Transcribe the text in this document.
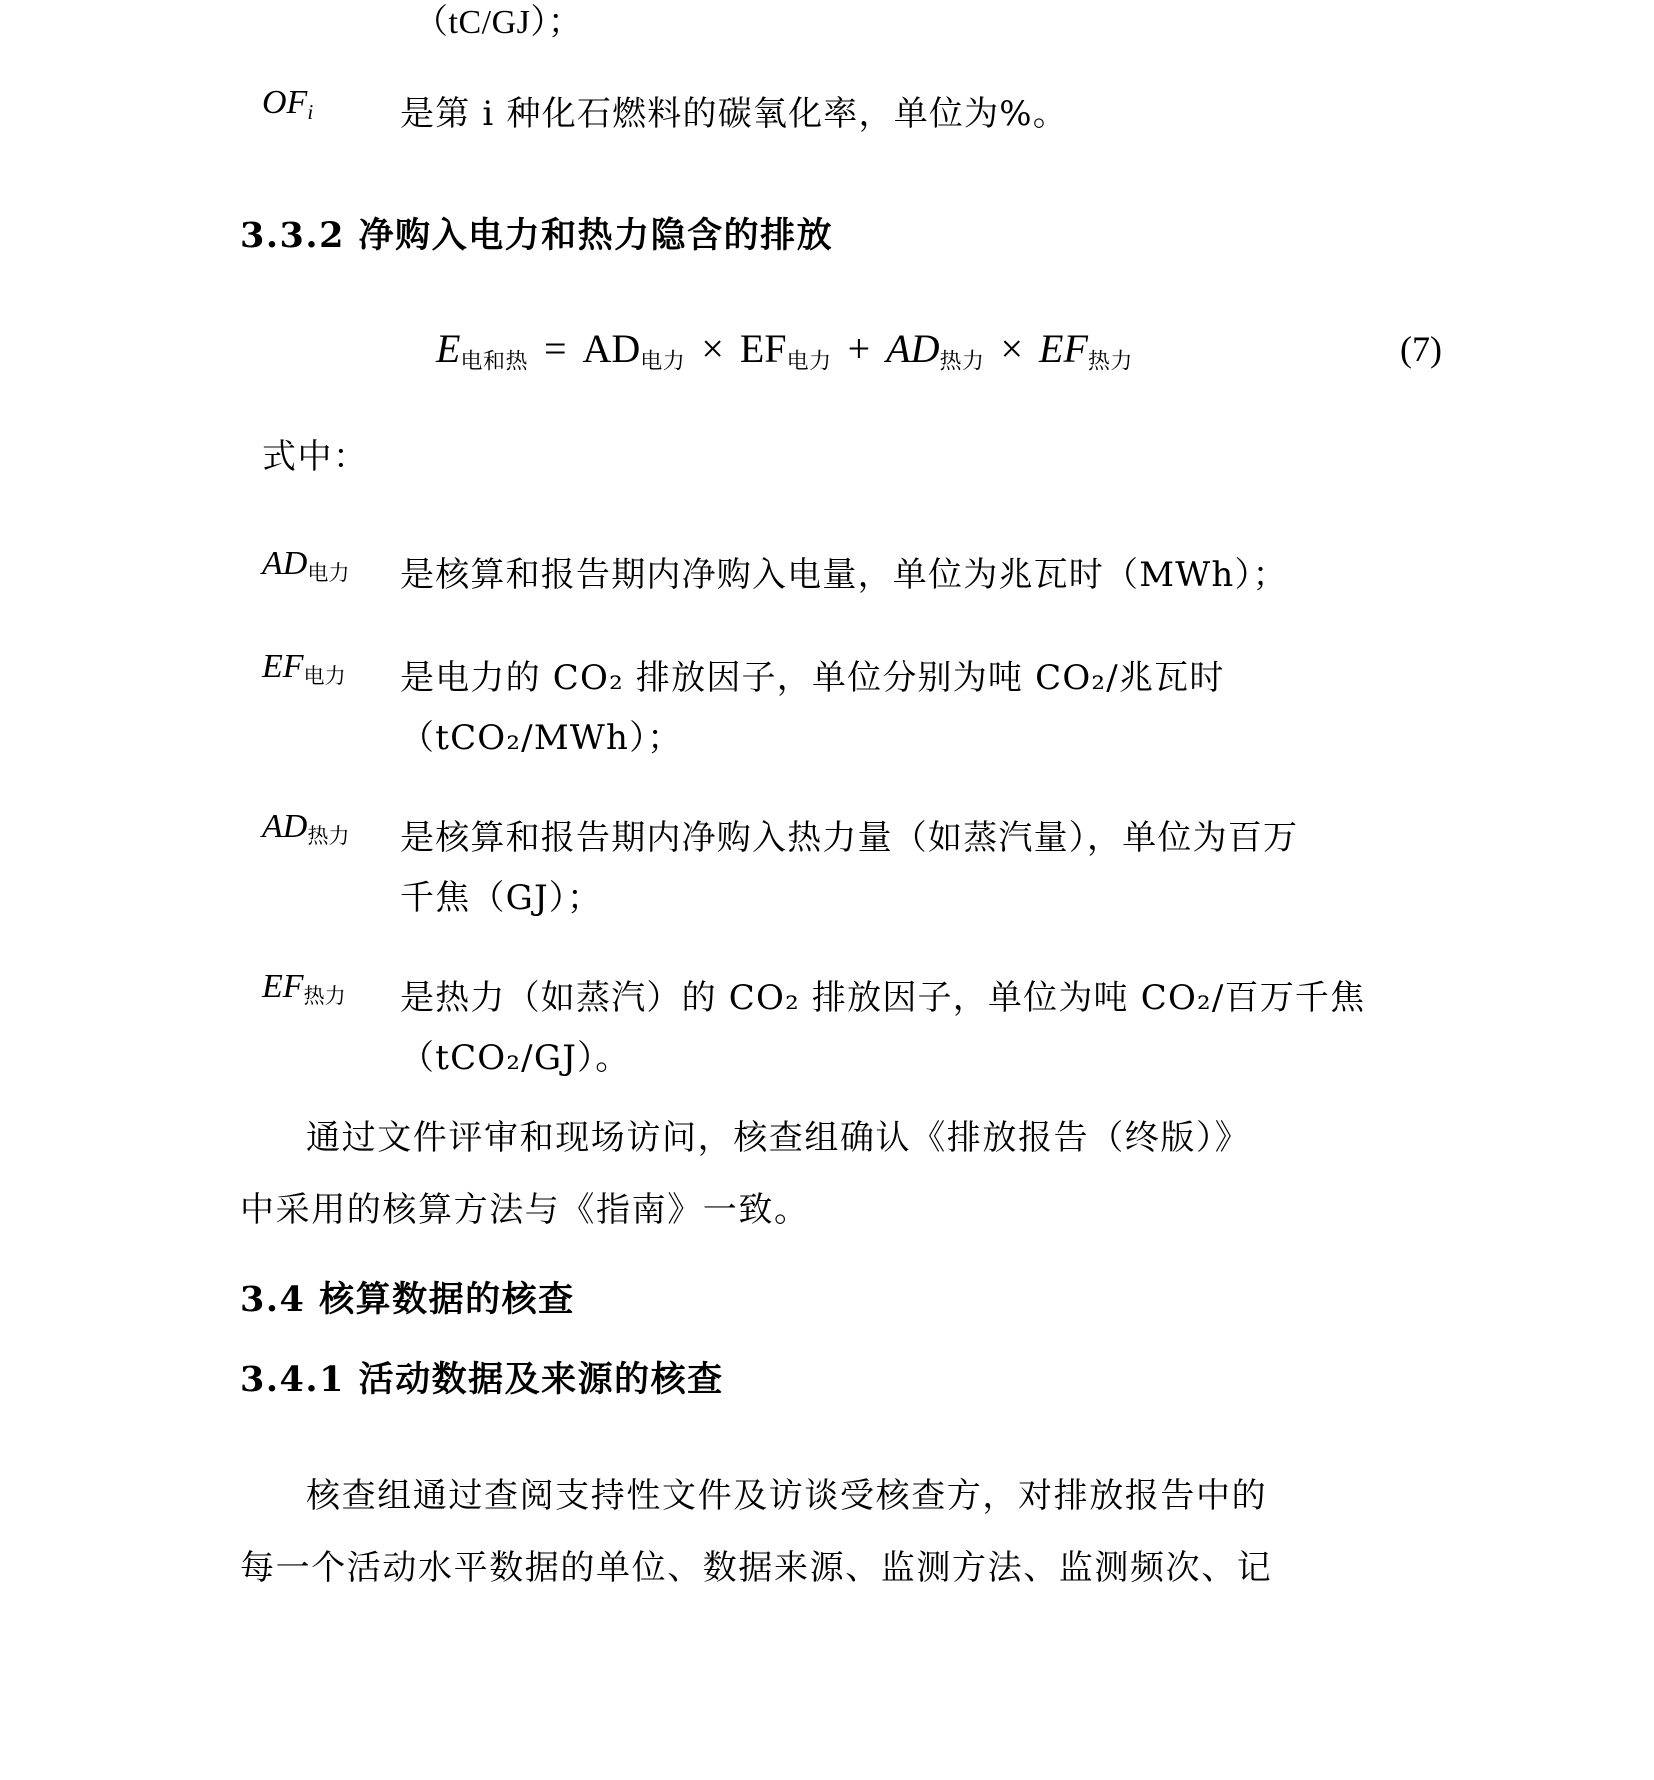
（tC/GJ）；
$OF_i$	是第 i 种化石燃料的碳氧化率，单位为%。
3.3.2 净购入电力和热力隐含的排放
$E_{电和热} = AD_{电力} \times EF_{电力} + AD_{热力} \times EF_{热力}$	(7)
式中：
$AD_{电力}$ 是核算和报告期内净购入电量，单位为兆瓦时（MWh）；
$EF_{电力}$ 是电力的 CO₂ 排放因子，单位分别为吨 CO₂/兆瓦时
（tCO₂/MWh）；
$AD_{热力}$ 是核算和报告期内净购入热力量（如蒸汽量），单位为百万
千焦（GJ）；
$EF_{热力}$ 是热力（如蒸汽）的 CO₂ 排放因子，单位为吨 CO₂/百万千焦
（tCO₂/GJ）。
通过文件评审和现场访问，核查组确认《排放报告（终版）》
中采用的核算方法与《指南》一致。
3.4 核算数据的核查
3.4.1 活动数据及来源的核查
核查组通过查阅支持性文件及访谈受核查方，对排放报告中的
每一个活动水平数据的单位、数据来源、监测方法、监测频次、记
